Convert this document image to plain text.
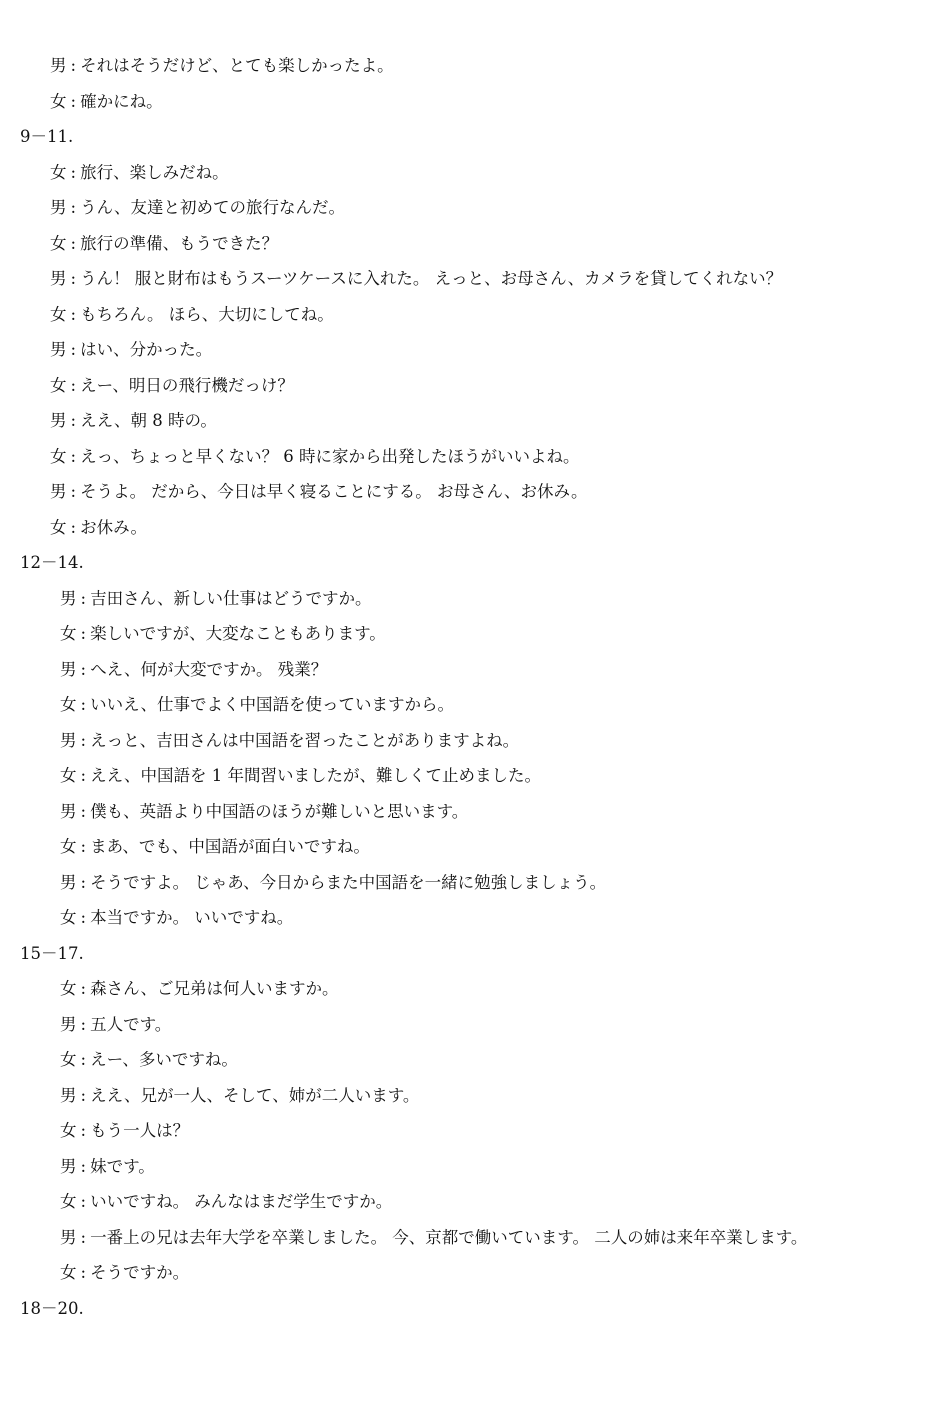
男 : それはそうだけど、とても楽しかったよ。
女 : 確かにね。
9－11.
女 : 旅行、楽しみだね。
男 : うん、友達と初めての旅行なんだ。
女 : 旅行の準備、もうできた？
男 : うん！ 服と財布はもうスーツケースに入れた。 えっと、お母さん、カメラを貸してくれない？
女 : もちろん。 ほら、大切にしてね。
男 : はい、分かった。
女 : えー、明日の飛行機だっけ？
男 : ええ、朝 8 時の。
女 : えっ、ちょっと早くない？ 6 時に家から出発したほうがいいよね。
男 : そうよ。 だから、今日は早く寝ることにする。 お母さん、お休み。
女 : お休み。
12－14.
男 : 吉田さん、新しい仕事はどうですか。
女 : 楽しいですが、大変なこともあります。
男 : へえ、何が大変ですか。 残業？
女 : いいえ、仕事でよく中国語を使っていますから。
男 : えっと、吉田さんは中国語を習ったことがありますよね。
女 : ええ、中国語を 1 年間習いましたが、難しくて止めました。
男 : 僕も、英語より中国語のほうが難しいと思います。
女 : まあ、でも、中国語が面白いですね。
男 : そうですよ。 じゃあ、今日からまた中国語を一緒に勉強しましょう。
女 : 本当ですか。 いいですね。
15－17.
女 : 森さん、ご兄弟は何人いますか。
男 : 五人です。
女 : えー、多いですね。
男 : ええ、兄が一人、そして、姉が二人います。
女 : もう一人は？
男 : 妹です。
女 : いいですね。 みんなはまだ学生ですか。
男 : 一番上の兄は去年大学を卒業しました。 今、京都で働いています。 二人の姉は来年卒業します。
女 : そうですか。
18－20.
